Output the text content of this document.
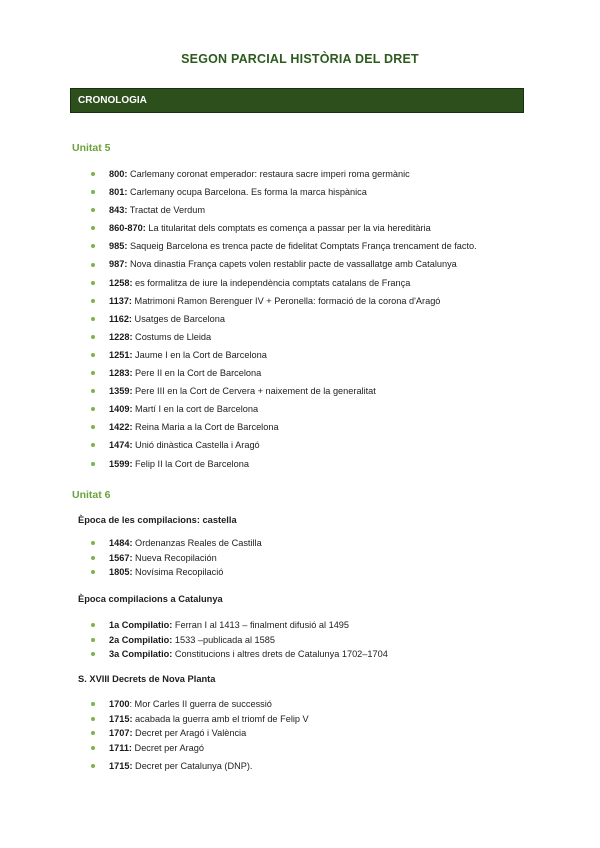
SEGON PARCIAL HISTÒRIA DEL DRET
CRONOLOGIA
Unitat 5
800: Carlemany coronat emperador: restaura sacre imperi roma germànic
801: Carlemany ocupa Barcelona. Es forma la marca hispànica
843: Tractat de Verdum
860-870: La titularitat dels comptats es comença a passar per la via hereditària
985: Saqueig Barcelona es trenca pacte de fidelitat Comptats França trencament de facto.
987: Nova dinastia França capets volen restablir pacte de vassallatge amb Catalunya
1258: es formalitza de iure la independència comptats catalans de França
1137: Matrimoni Ramon Berenguer IV + Peronella: formació de la corona d'Aragó
1162: Usatges de Barcelona
1228: Costums de Lleida
1251: Jaume I en la Cort de Barcelona
1283: Pere II en la Cort de Barcelona
1359: Pere III en la Cort de Cervera + naixement de la generalitat
1409: Martí I en la cort de Barcelona
1422: Reina Maria a la Cort de Barcelona
1474: Unió dinàstica Castella i Aragó
1599: Felip II la Cort de Barcelona
Unitat 6
Època de les compilacions: castella
1484: Ordenanzas Reales de Castilla
1567: Nueva Recopilación
1805: Novísima Recopilació
Època compilacions a Catalunya
1a Compilatio: Ferran I al 1413 – finalment difusió al 1495
2a Compilatio: 1533 –publicada al 1585
3a Compilatio: Constitucions i altres drets de Catalunya 1702–1704
S. XVIII Decrets de Nova Planta
1700: Mor Carles II guerra de successió
1715: acabada la guerra amb el triomf de Felip V
1707: Decret per Aragó i València
1711: Decret per Aragó
1715: Decret per Catalunya (DNP).
